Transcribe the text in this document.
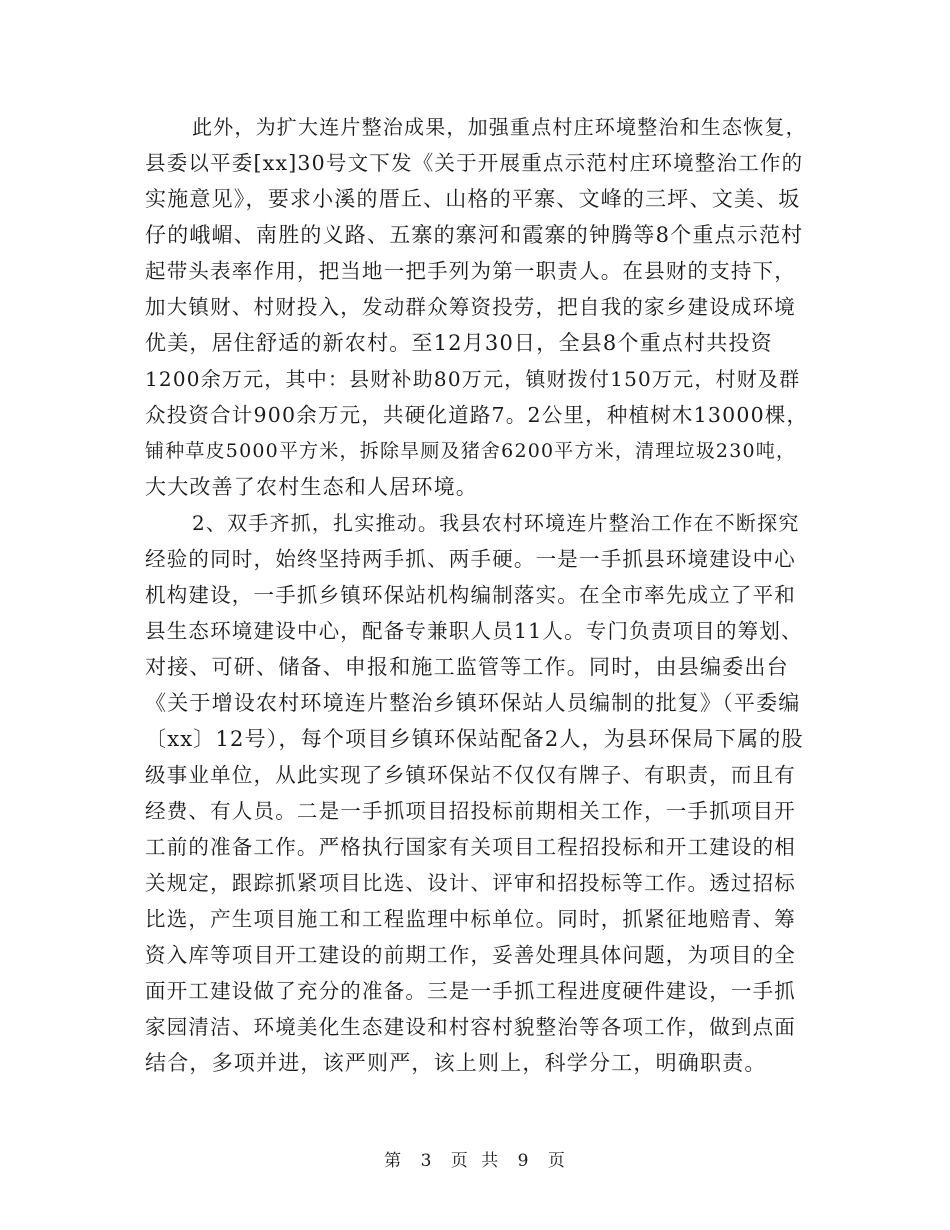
此外，为扩大连片整治成果，加强重点村庄环境整治和生态恢复，
县委以平委[xx]30号文下发《关于开展重点示范村庄环境整治工作的
实施意见》，要求小溪的厝丘、山格的平寨、文峰的三坪、文美、坂
仔的峨嵋、南胜的义路、五寨的寨河和霞寨的钟腾等8个重点示范村
起带头表率作用，把当地一把手列为第一职责人。在县财的支持下，
加大镇财、村财投入，发动群众筹资投劳，把自我的家乡建设成环境
优美，居住舒适的新农村。至12月30日，全县8个重点村共投资
1200余万元，其中：县财补助80万元，镇财拨付150万元，村财及群
众投资合计900余万元，共硬化道路7。2公里，种植树木13000棵，
铺种草皮5000平方米，拆除旱厕及猪舍6200平方米，清理垃圾230吨，
大大改善了农村生态和人居环境。
2、双手齐抓，扎实推动。我县农村环境连片整治工作在不断探究
经验的同时，始终坚持两手抓、两手硬。一是一手抓县环境建设中心
机构建设，一手抓乡镇环保站机构编制落实。在全市率先成立了平和
县生态环境建设中心，配备专兼职人员11人。专门负责项目的筹划、
对接、可研、储备、申报和施工监管等工作。同时，由县编委出台
《关于增设农村环境连片整治乡镇环保站人员编制的批复》（平委编
〔xx〕12号），每个项目乡镇环保站配备2人，为县环保局下属的股
级事业单位，从此实现了乡镇环保站不仅仅有牌子、有职责，而且有
经费、有人员。二是一手抓项目招投标前期相关工作，一手抓项目开
工前的准备工作。严格执行国家有关项目工程招投标和开工建设的相
关规定，跟踪抓紧项目比选、设计、评审和招投标等工作。透过招标
比选，产生项目施工和工程监理中标单位。同时，抓紧征地赔青、筹
资入库等项目开工建设的前期工作，妥善处理具体问题，为项目的全
面开工建设做了充分的准备。三是一手抓工程进度硬件建设，一手抓
家园清洁、环境美化生态建设和村容村貌整治等各项工作，做到点面
结合，多项并进，该严则严，该上则上，科学分工，明确职责。
第 3 页 共 9 页
